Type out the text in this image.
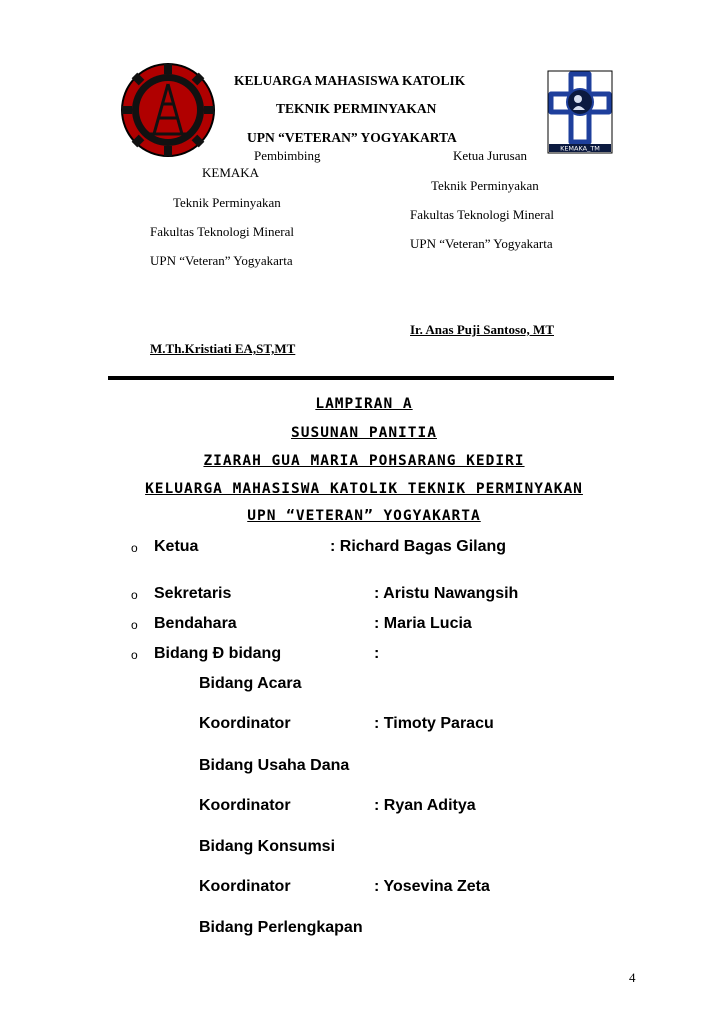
KEMAKA_TM
KELUARGA MAHASISWA KATOLIK
TEKNIK PERMINYAKAN
UPN “VETERAN” YOGYAKARTA
Pembimbing
KEMAKA
Teknik Perminyakan
Fakultas Teknologi Mineral
UPN “Veteran” Yogyakarta
M.Th.Kristiati EA,ST,MT
Ketua Jurusan
Teknik Perminyakan
Fakultas Teknologi Mineral
UPN “Veteran” Yogyakarta
Ir. Anas Puji Santoso, MT
LAMPIRAN A
SUSUNAN PANITIA
ZIARAH GUA MARIA POHSARANG KEDIRI
KELUARGA MAHASISWA KATOLIK TEKNIK PERMINYAKAN
UPN “VETERAN” YOGYAKARTA
o Ketua	: Richard Bagas Gilang
o Sekretaris	: Aristu Nawangsih
o Bendahara	: Maria Lucia
o Bidang Ð bidang	:
Bidang Acara
Koordinator	: Timoty Paracu
Bidang Usaha Dana
Koordinator	: Ryan Aditya
Bidang Konsumsi
Koordinator	: Yosevina Zeta
Bidang Perlengkapan
4
